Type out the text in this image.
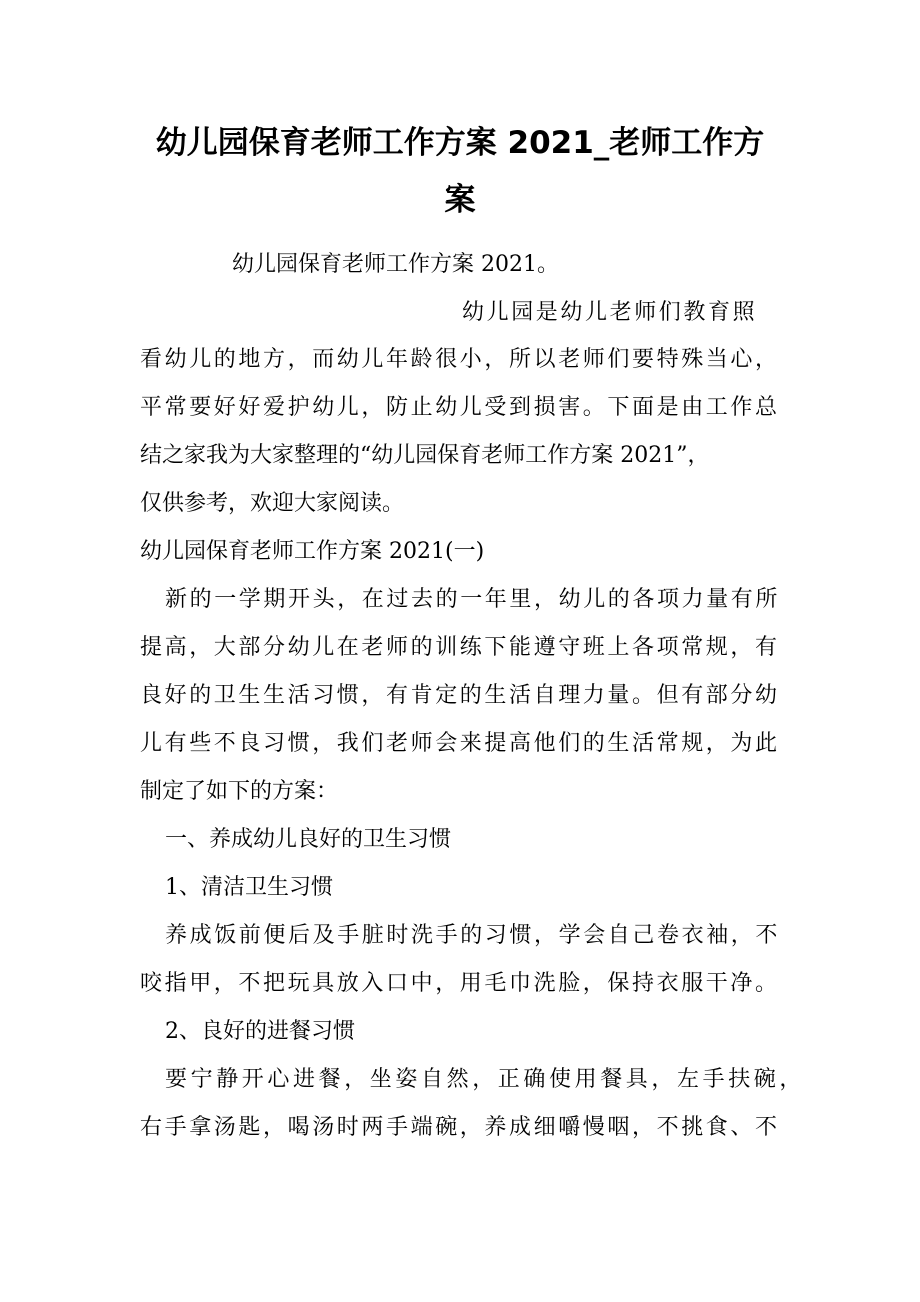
幼儿园保育老师工作方案 2021_老师工作方
案

幼儿园保育老师工作方案 2021。

幼儿园是幼儿老师们教育照

看幼儿的地方，而幼儿年龄很小，所以老师们要特殊当心，

平常要好好爱护幼儿，防止幼儿受到损害。下面是由工作总

结之家我为大家整理的“幼儿园保育老师工作方案 2021”，

仅供参考，欢迎大家阅读。

幼儿园保育老师工作方案 2021(一)

新的一学期开头，在过去的一年里，幼儿的各项力量有所

提高，大部分幼儿在老师的训练下能遵守班上各项常规，有

良好的卫生生活习惯，有肯定的生活自理力量。但有部分幼

儿有些不良习惯，我们老师会来提高他们的生活常规，为此

制定了如下的方案：

一、养成幼儿良好的卫生习惯

1、清洁卫生习惯

养成饭前便后及手脏时洗手的习惯，学会自己卷衣袖，不

咬指甲，不把玩具放入口中，用毛巾洗脸，保持衣服干净。

2、良好的进餐习惯

要宁静开心进餐，坐姿自然，正确使用餐具，左手扶碗，

右手拿汤匙，喝汤时两手端碗，养成细嚼慢咽，不挑食、不
